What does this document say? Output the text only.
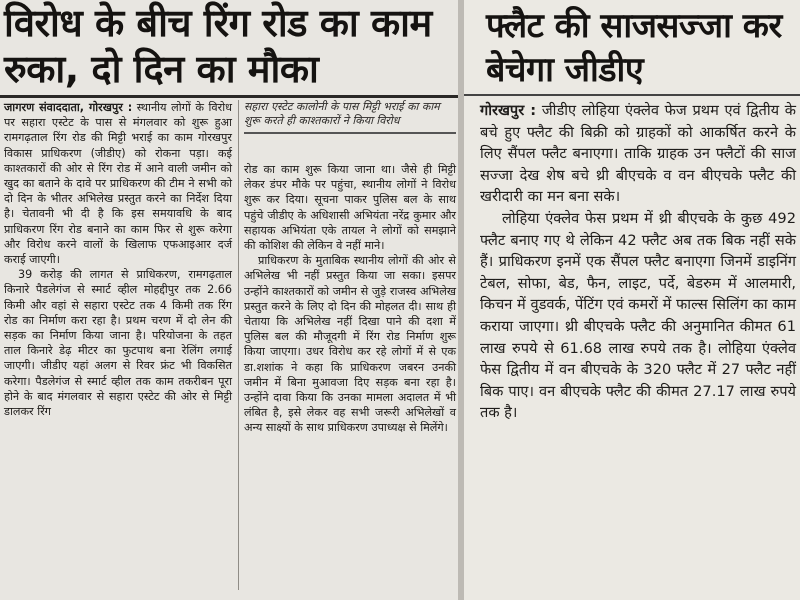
विरोध के बीच रिंग रोड का काम रुका, दो दिन का मौका

जागरण संवाददाता, गोरखपुर : स्थानीय लोगों के विरोध पर सहारा एस्टेट के पास से मंगलवार को शुरू हुआ रामगढ़ताल रिंग रोड की मिट्टी भराई का काम गोरखपुर विकास प्राधिकरण (जीडीए) को रोकना पड़ा। कई काश्तकारों की ओर से रिंग रोड में आने वाली जमीन को खुद का बताने के दावे पर प्राधिकरण की टीम ने सभी को दो दिन के भीतर अभिलेख प्रस्तुत करने का निर्देश दिया है। चेतावनी भी दी है कि इस समयावधि के बाद प्राधिकरण रिंग रोड बनाने का काम फिर से शुरू करेगा और विरोध करने वालों के खिलाफ एफआइआर दर्ज कराई जाएगी।

39 करोड़ की लागत से प्राधिकरण, रामगढ़ताल किनारे पैडलेगंज से स्मार्ट व्हील मोहद्दीपुर तक 2.66 किमी और वहां से सहारा एस्टेट तक 4 किमी तक रिंग रोड का निर्माण करा रहा है। प्रथम चरण में दो लेन की सड़क का निर्माण किया जाना है। परियोजना के तहत ताल किनारे डेढ़ मीटर का फुटपाथ बना रेलिंग लगाई जाएगी। जीडीए यहां अलग से रिवर फ्रंट भी विकसित करेगा। पैडलेगंज से स्मार्ट व्हील तक काम तकरीबन पूरा होने के बाद मंगलवार से सहारा एस्टेट की ओर से मिट्टी डालकर रिंग

सहारा एस्टेट कालोनी के पास मिट्टी भराई का काम शुरू करते ही काश्तकारों ने किया विरोध

रोड का काम शुरू किया जाना था। जैसे ही मिट्टी लेकर डंपर मौके पर पहुंचा, स्थानीय लोगों ने विरोध शुरू कर दिया। सूचना पाकर पुलिस बल के साथ पहुंचे जीडीए के अधिशासी अभियंता नरेंद्र कुमार और सहायक अभियंता एके तायल ने लोगों को समझाने की कोशिश की लेकिन वे नहीं माने।

प्राधिकरण के मुताबिक स्थानीय लोगों की ओर से अभिलेख भी नहीं प्रस्तुत किया जा सका। इसपर उन्होंने काश्तकारों को जमीन से जुड़े राजस्व अभिलेख प्रस्तुत करने के लिए दो दिन की मोहलत दी। साथ ही चेताया कि अभिलेख नहीं दिखा पाने की दशा में पुलिस बल की मौजूदगी में रिंग रोड निर्माण शुरू किया जाएगा। उधर विरोध कर रहे लोगों में से एक डा.शशांक ने कहा कि प्राधिकरण जबरन उनकी जमीन में बिना मुआवजा दिए सड़क बना रहा है। उन्होंने दावा किया कि उनका मामला अदालत में भी लंबित है, इसे लेकर वह सभी जरूरी अभिलेखों व अन्य साक्ष्यों के साथ प्राधिकरण उपाध्यक्ष से मिलेंगे।

फ्लैट की साजसज्जा कर बेचेगा जीडीए

गोरखपुर : जीडीए लोहिया एंक्लेव फेज प्रथम एवं द्वितीय के बचे हुए फ्लैट की बिक्री को ग्राहकों को आकर्षित करने के लिए सैंपल फ्लैट बनाएगा। ताकि ग्राहक उन फ्लैटों की साज सज्जा देख शेष बचे थ्री बीएचके व वन बीएचके फ्लैट की खरीदारी का मन बना सके।

लोहिया एंक्लेव फेस प्रथम में थ्री बीएचके के कुछ 492 फ्लैट बनाए गए थे लेकिन 42 फ्लैट अब तक बिक नहीं सके हैं। प्राधिकरण इनमें एक सैंपल फ्लैट बनाएगा जिनमें डाइनिंग टेबल, सोफा, बेड, फैन, लाइट, पर्दे, बेडरुम में आलमारी, किचन में वुडवर्क, पेंटिंग एवं कमरों में फाल्स सिलिंग का काम कराया जाएगा। थ्री बीएचके फ्लैट की अनुमानित कीमत 61 लाख रुपये से 61.68 लाख रुपये तक है। लोहिया एंक्लेव फेस द्वितीय में वन बीएचके के 320 फ्लैट में 27 फ्लैट नहीं बिक पाए। वन बीएचके फ्लैट की कीमत 27.17 लाख रुपये तक है।
